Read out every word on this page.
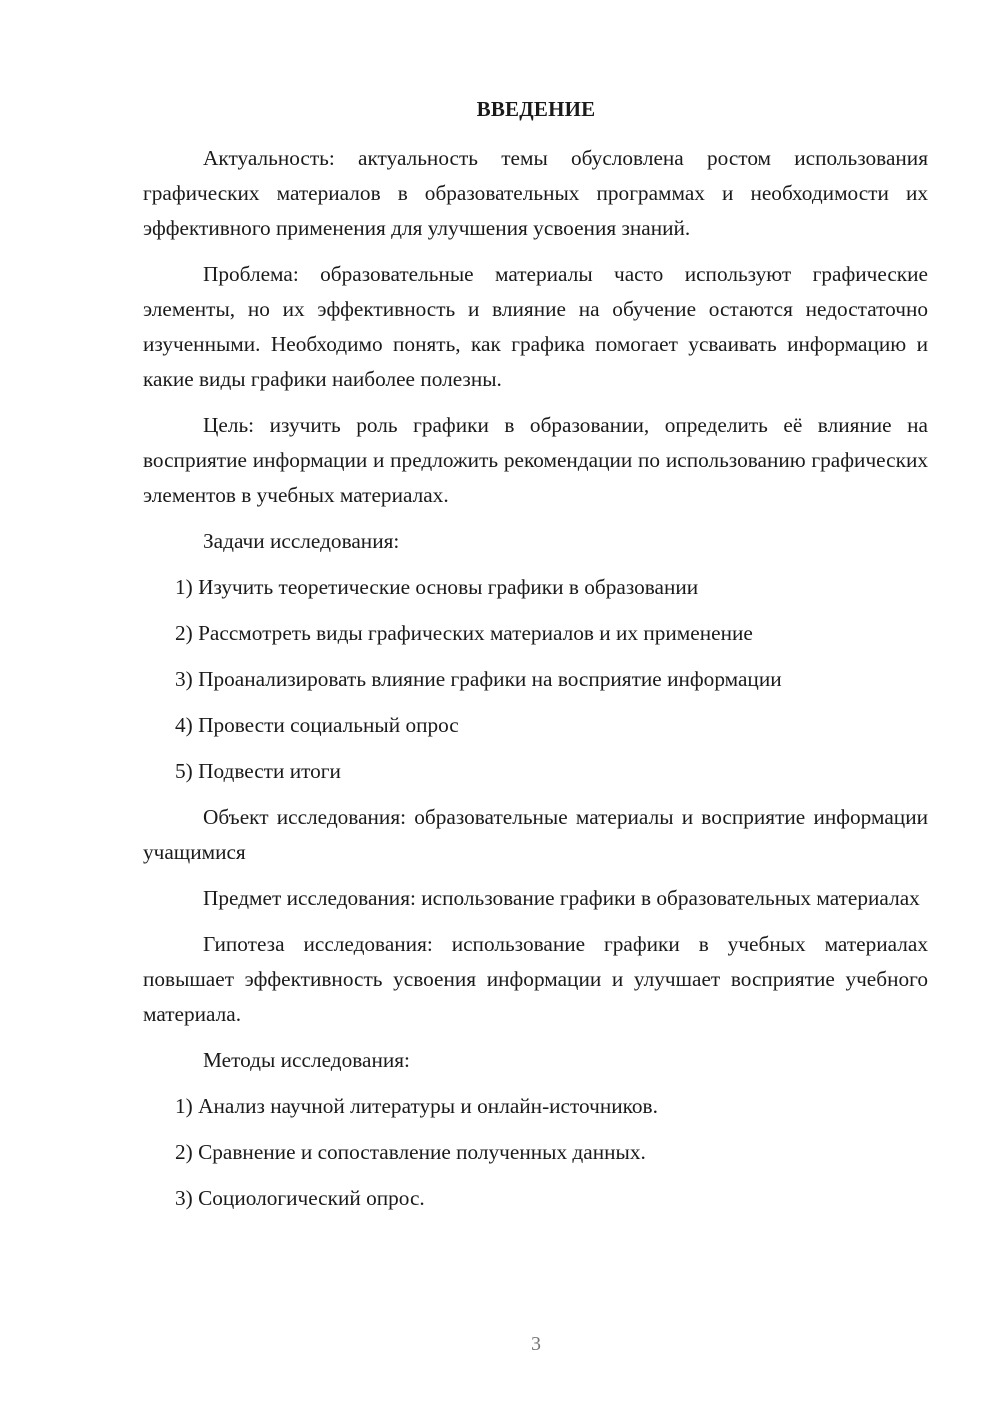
ВВЕДЕНИЕ

Актуальность: актуальность темы обусловлена ростом использования графических материалов в образовательных программах и необходимости их эффективного применения для улучшения усвоения знаний.

Проблема: образовательные материалы часто используют графические элементы, но их эффективность и влияние на обучение остаются недостаточно изученными. Необходимо понять, как графика помогает усваивать информацию и какие виды графики наиболее полезны.

Цель: изучить роль графики в образовании, определить её влияние на восприятие информации и предложить рекомендации по использованию графических элементов в учебных материалах.

Задачи исследования:

1) Изучить теоретические основы графики в образовании
2) Рассмотреть виды графических материалов и их применение
3) Проанализировать влияние графики на восприятие информации
4) Провести социальный опрос
5) Подвести итоги

Объект исследования: образовательные материалы и восприятие информации учащимися

Предмет исследования: использование графики в образовательных материалах

Гипотеза исследования: использование графики в учебных материалах повышает эффективность усвоения информации и улучшает восприятие учебного материала.

Методы исследования:

1) Анализ научной литературы и онлайн-источников.
2) Сравнение и сопоставление полученных данных.
3) Социологический опрос.
3
